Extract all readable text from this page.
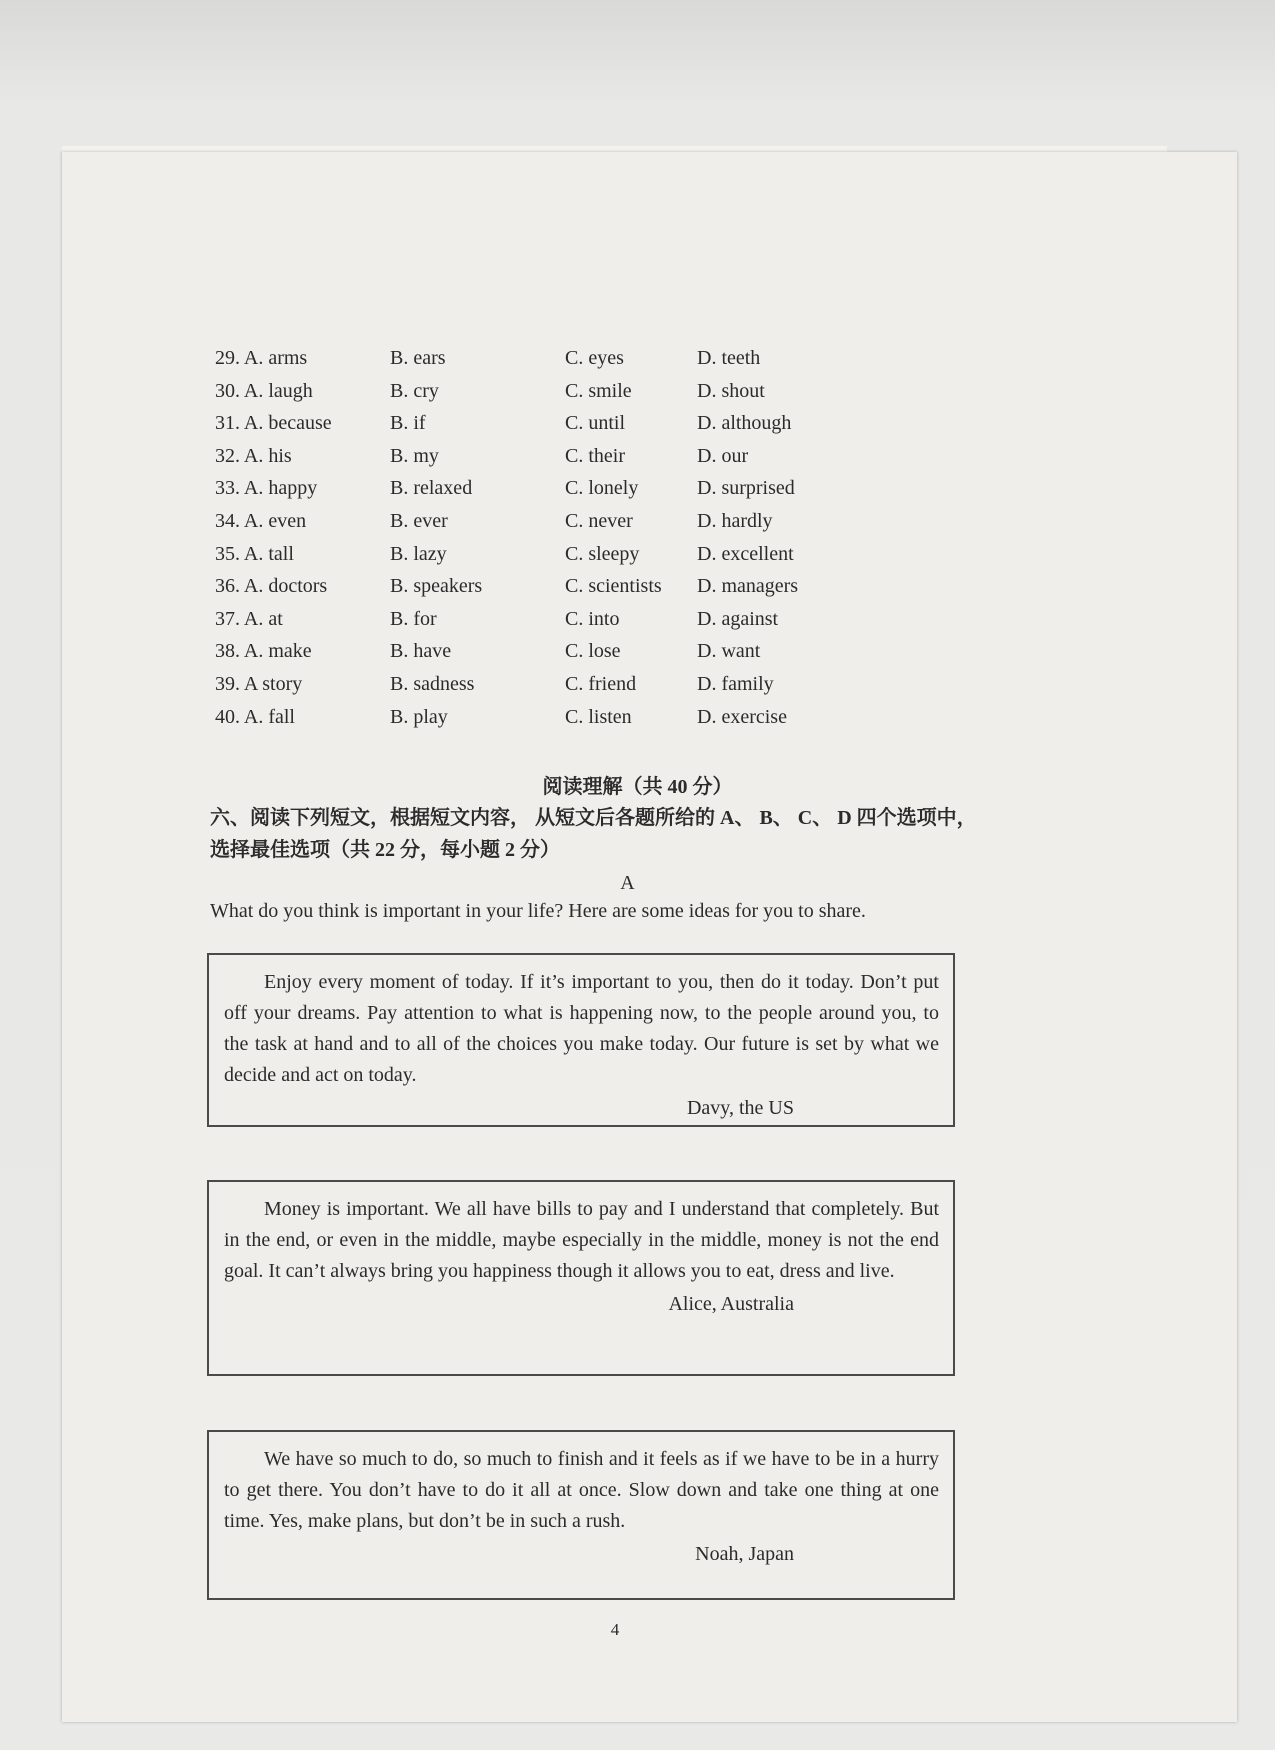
29. A. arms	B. ears	C. eyes	D. teeth
30. A. laugh	B. cry	C. smile	D. shout
31. A. because	B. if	C. until	D. although
32. A. his	B. my	C. their	D. our
33. A. happy	B. relaxed	C. lonely	D. surprised
34. A. even	B. ever	C. never	D. hardly
35. A. tall	B. lazy	C. sleepy	D. excellent
36. A. doctors	B. speakers	C. scientists	D. managers
37. A. at	B. for	C. into	D. against
38. A. make	B. have	C. lose	D. want
39. A story	B. sadness	C. friend	D. family
40. A. fall	B. play	C. listen	D. exercise
阅读理解（共 40 分）
六、阅读下列短文，根据短文内容， 从短文后各题所给的 A、 B、 C、 D 四个选项中，
选择最佳选项（共 22 分，每小题 2 分）
A
What do you think is important in your life? Here are some ideas for you to share.

Enjoy every moment of today. If it’s important to you, then do it today. Don’t put off your dreams. Pay attention to what is happening now, to the people around you, to the task at hand and to all of the choices you make today. Our future is set by what we decide and act on today.

Davy, the US

Money is important. We all have bills to pay and I understand that completely. But in the end, or even in the middle, maybe especially in the middle, money is not the end goal. It can’t always bring you happiness though it allows you to eat, dress and live.

Alice, Australia

We have so much to do, so much to finish and it feels as if we have to be in a hurry to get there. You don’t have to do it all at once. Slow down and take one thing at one time. Yes, make plans, but don’t be in such a rush.

Noah, Japan
4
